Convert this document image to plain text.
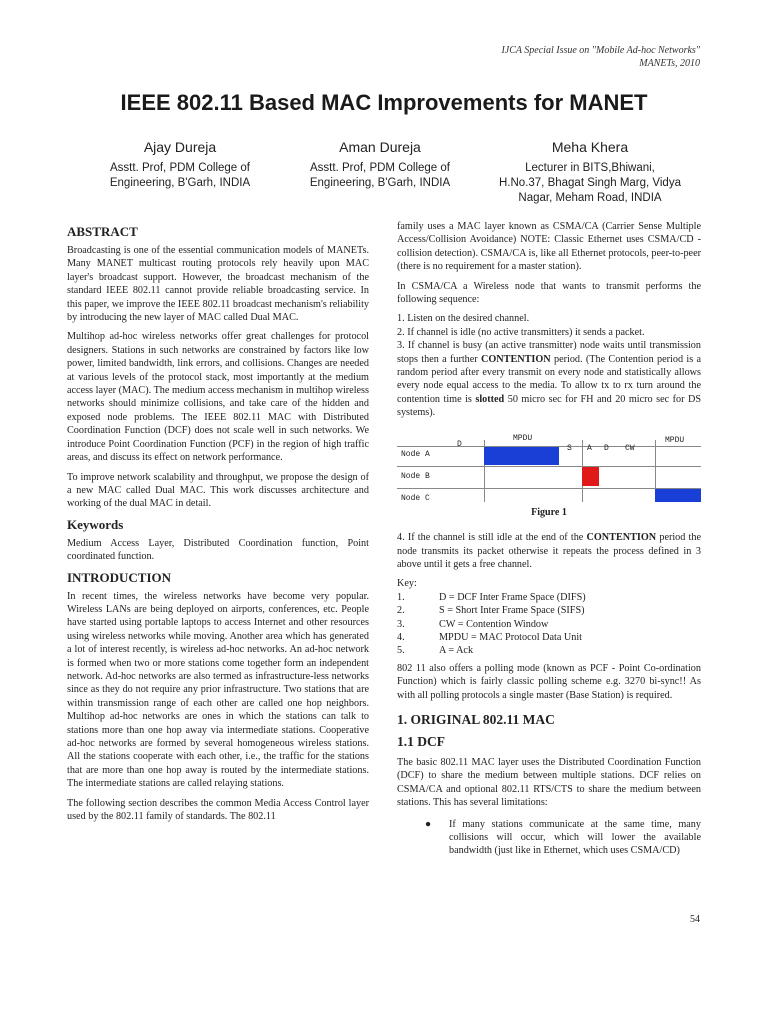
IJCA Special Issue on "Mobile Ad-hoc Networks"
MANETs, 2010
IEEE 802.11 Based MAC Improvements for MANET
Ajay Dureja
Asstt. Prof, PDM College of
Engineering, B'Garh, INDIA
Aman Dureja
Asstt. Prof, PDM College of
Engineering, B'Garh, INDIA
Meha Khera
Lecturer in BITS,Bhiwani,
H.No.37, Bhagat Singh Marg, Vidya
Nagar, Meham Road, INDIA
ABSTRACT

Broadcasting is one of the essential communication models of MANETs. Many MANET multicast routing protocols rely heavily upon MAC layer's broadcast support. However, the broadcast mechanism of the standard IEEE 802.11 cannot provide reliable broadcasting service. In this paper, we improve the IEEE 802.11 broadcast mechanism's reliability by introducing the new layer of MAC called Dual MAC.

Multihop ad-hoc wireless networks offer great challenges for protocol designers. Stations in such networks are constrained by factors like low power, limited bandwidth, link errors, and collisions. Changes are needed at various levels of the protocol stack, most importantly at the medium access layer (MAC). The medium access mechanism in multihop wireless networks should minimize collisions, and take care of the hidden and exposed node problems. The IEEE 802.11 MAC with Distributed Coordination Function (DCF) does not scale well in such networks. We introduce Point Coordination Function (PCF) in the region of high traffic areas, and discuss its effect on network performance.

To improve network scalability and throughput, we propose the design of a new MAC called Dual MAC. This work discusses architecture and working of the dual MAC in detail.

Keywords

Medium Access Layer, Distributed Coordination function, Point coordinated function.

INTRODUCTION

In recent times, the wireless networks have become very popular. Wireless LANs are being deployed on airports, conferences, etc. People have started using portable laptops to access Internet and other resources using wireless networks while moving. Another area which has generated a lot of interest recently, is wireless ad-hoc networks. An ad-hoc network is formed when two or more stations come together form an independent network. Ad-hoc networks are also termed as infrastructure-less networks since as they do not require any prior infrastructure. Two stations that are within transmission range of each other are called one hop neighbors. Multihop ad-hoc networks are ones in which the stations can talk to stations more than one hop away via intermediate stations. Cooperative ad-hoc networks are formed by several homogeneous wireless stations. All the stations cooperate with each other, i.e., the traffic for the stations that are more than one hop away is routed by the intermediate stations. The intermediate stations are called relaying stations.

The following section describes the common Media Access Control layer used by the 802.11 family of standards. The 802.11

family uses a MAC layer known as CSMA/CA (Carrier Sense Multiple Access/Collision Avoidance) NOTE: Classic Ethernet uses CSMA/CD - collision detection). CSMA/CA is, like all Ethernet protocols, peer-to-peer (there is no requirement for a master station).

In CSMA/CA a Wireless node that wants to transmit performs the following sequence:

1. Listen on the desired channel.

2. If channel is idle (no active transmitters) it sends a packet.

3. If channel is busy (an active transmitter) node waits until transmission stops then a further CONTENTION period. (The Contention period is a random period after every transmit on every node and statistically allows every node equal access to the media. To allow tx to rx turn around the contention time is slotted 50 micro sec for FH and 20 micro sec for DS systems).

Node A
Node B
Node C
D
MPDU
S A D CW
MPDU
Figure 1

4. If the channel is still idle at the end of the CONTENTION period the node transmits its packet otherwise it repeats the process defined in 3 above until it gets a free channel.

Key:
1.	D = DCF Inter Frame Space (DIFS)
2.	S = Short Inter Frame Space (SIFS)
3.	CW = Contention Window
4.	MPDU = MAC Protocol Data Unit
5.	A = Ack

802 11 also offers a polling mode (known as PCF - Point Co-ordination Function) which is fairly classic polling scheme e.g. 3270 bi-sync!! As with all polling protocols a single master (Base Station) is required.

1. ORIGINAL 802.11 MAC
1.1 DCF

The basic 802.11 MAC layer uses the Distributed Coordination Function (DCF) to share the medium between multiple stations. DCF relies on CSMA/CA and optional 802.11 RTS/CTS to share the medium between stations. This has several limitations:

●	If many stations communicate at the same time, many collisions will occur, which will lower the available bandwidth (just like in Ethernet, which uses CSMA/CD)
54
